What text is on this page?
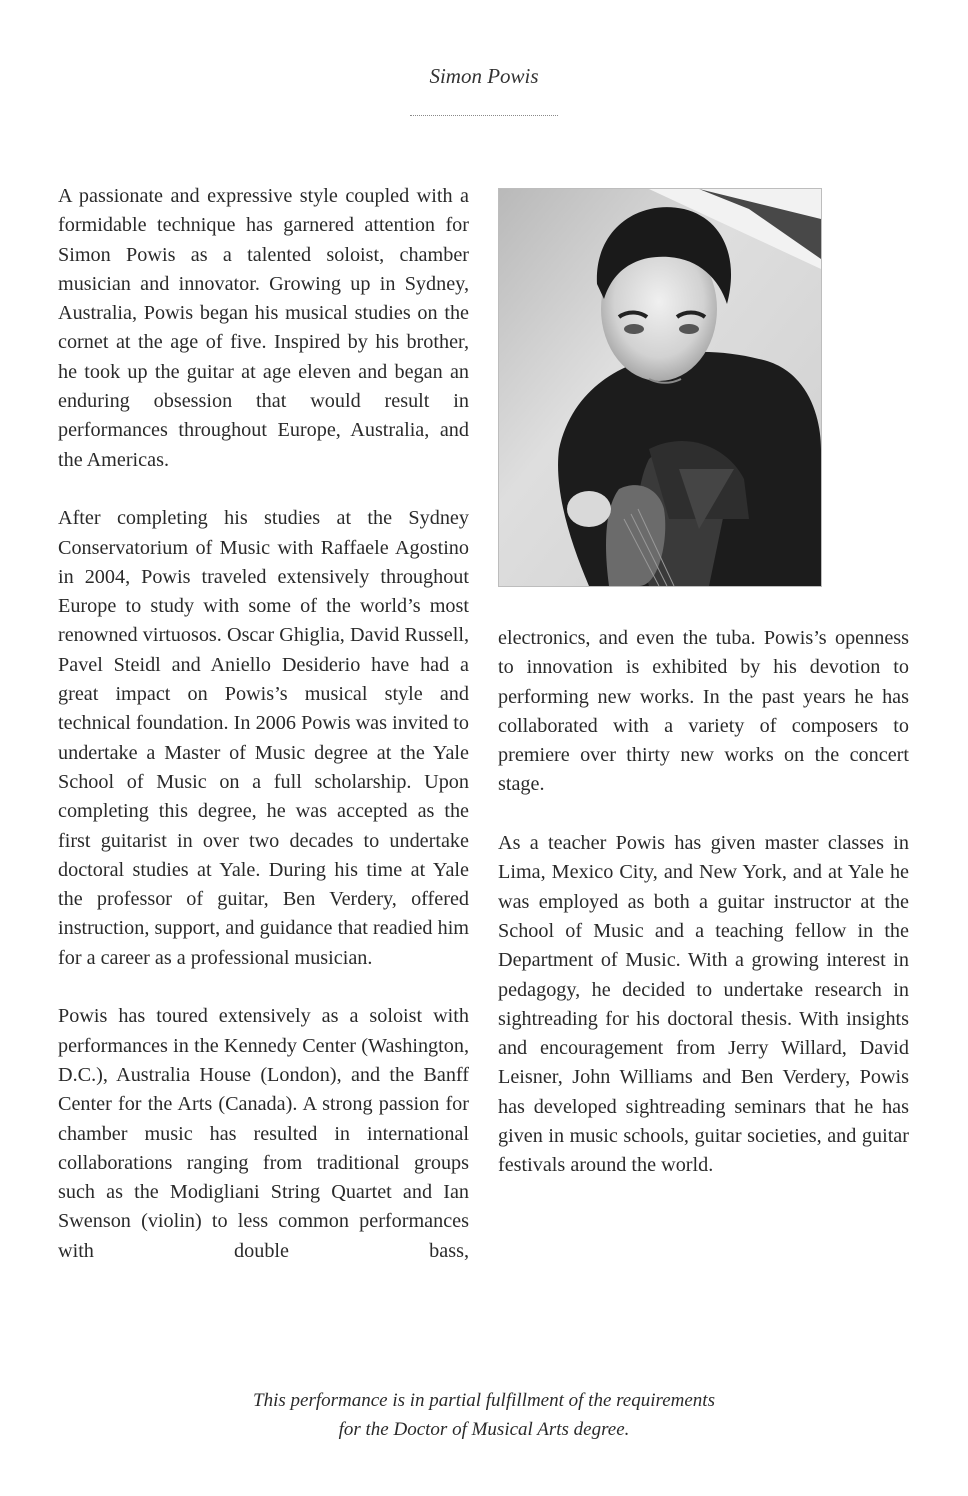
Simon Powis

A passionate and expressive style coupled with a formidable technique has garnered attention for Simon Powis as a talented soloist, chamber musician and innovator. Growing up in Sydney, Australia, Powis began his musical studies on the cornet at the age of five. Inspired by his brother, he took up the guitar at age eleven and began an enduring obsession that would result in performances throughout Europe, Australia, and the Americas.

After completing his studies at the Sydney Conservatorium of Music with Raffaele Agostino in 2004, Powis traveled extensively throughout Europe to study with some of the world’s most renowned virtuosos. Oscar Ghiglia, David Russell, Pavel Steidl and Aniello Desiderio have had a great impact on Powis’s musical style and technical foundation. In 2006 Powis was invited to undertake a Master of Music degree at the Yale School of Music on a full scholarship. Upon completing this degree, he was accepted as the first guitarist in over two decades to undertake doctoral studies at Yale. During his time at Yale the professor of guitar, Ben Verdery, offered instruction, support, and guidance that readied him for a career as a professional musician.

Powis has toured extensively as a soloist with performances in the Kennedy Center (Washington, D.C.), Australia House (London), and the Banff Center for the Arts (Canada). A strong passion for chamber music has resulted in international collaborations ranging from traditional groups such as the Modigliani String Quartet and Ian Swenson (violin) to less common performances with double bass,

electronics, and even the tuba. Powis’s openness to innovation is exhibited by his devotion to performing new works. In the past years he has collaborated with a variety of composers to premiere over thirty new works on the concert stage.

As a teacher Powis has given master classes in Lima, Mexico City, and New York, and at Yale he was employed as both a guitar instructor at the School of Music and a teaching fellow in the Department of Music. With a growing interest in pedagogy, he decided to undertake research in sightreading for his doctoral thesis. With insights and encouragement from Jerry Willard, David Leisner, John Williams and Ben Verdery, Powis has developed sightreading seminars that he has given in music schools, guitar societies, and guitar festivals around the world.

This performance is in partial fulfillment of the requirements
for the Doctor of Musical Arts degree.
